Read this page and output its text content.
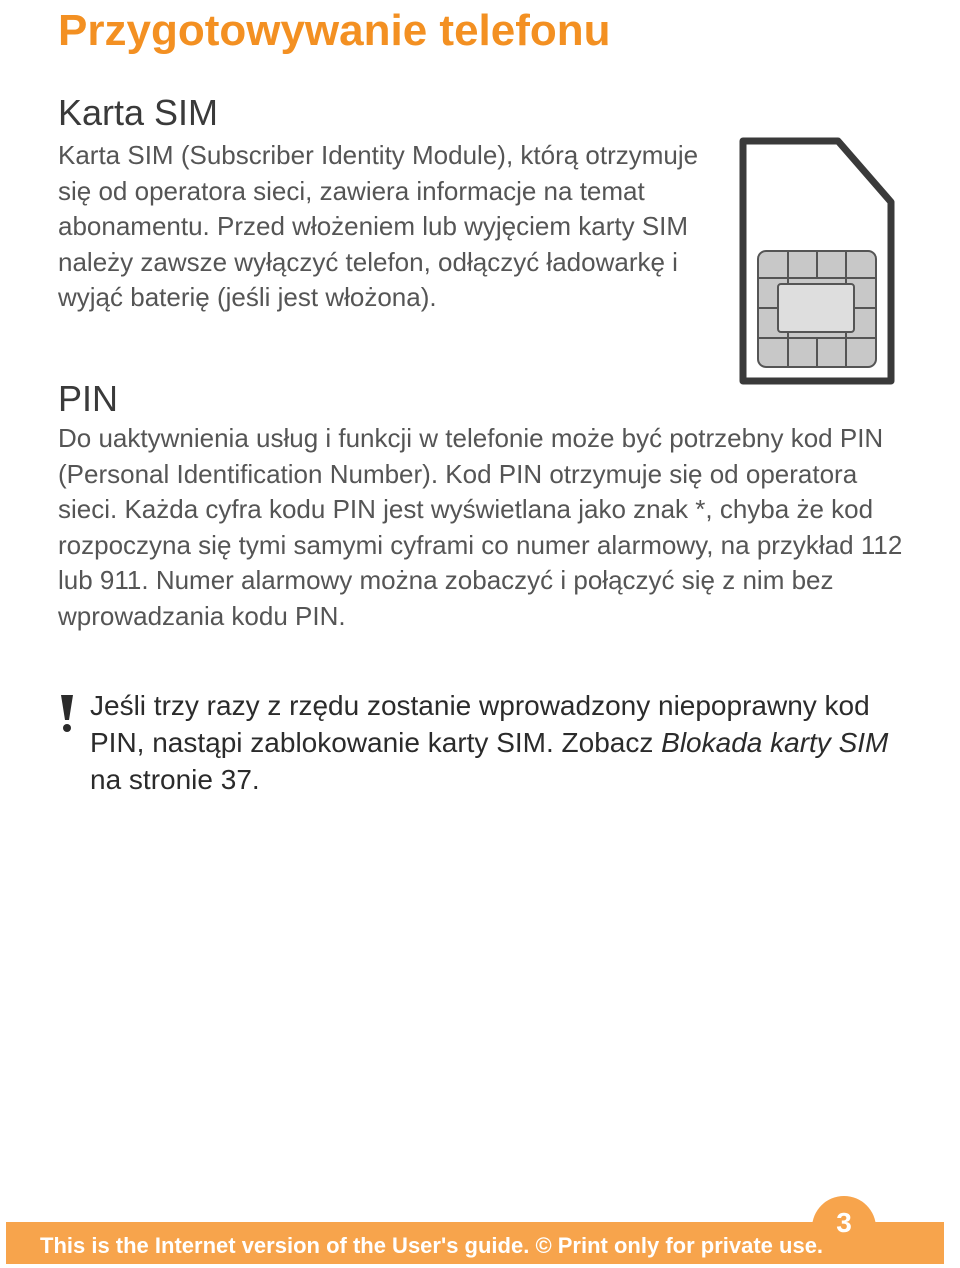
Przygotowywanie telefonu
Karta SIM
Karta SIM (Subscriber Identity Module), którą otrzymuje się od operatora sieci, zawiera informacje na temat abonamentu. Przed włożeniem lub wyjęciem karty SIM należy zawsze wyłączyć telefon, odłączyć ładowarkę i wyjąć baterię (jeśli jest włożona).
PIN
Do uaktywnienia usług i funkcji w telefonie może być potrzebny kod PIN (Personal Identification Number). Kod PIN otrzymuje się od operatora sieci. Każda cyfra kodu PIN jest wyświetlana jako znak *, chyba że kod rozpoczyna się tymi samymi cyframi co numer alarmowy, na przykład 112 lub 911. Numer alarmowy można zobaczyć i połączyć się z nim bez wprowadzania kodu PIN.
Jeśli trzy razy z rzędu zostanie wprowadzony niepoprawny kod PIN, nastąpi zablokowanie karty SIM. Zobacz Blokada karty SIM na stronie 37.
3
This is the Internet version of the User's guide. © Print only for private use.
